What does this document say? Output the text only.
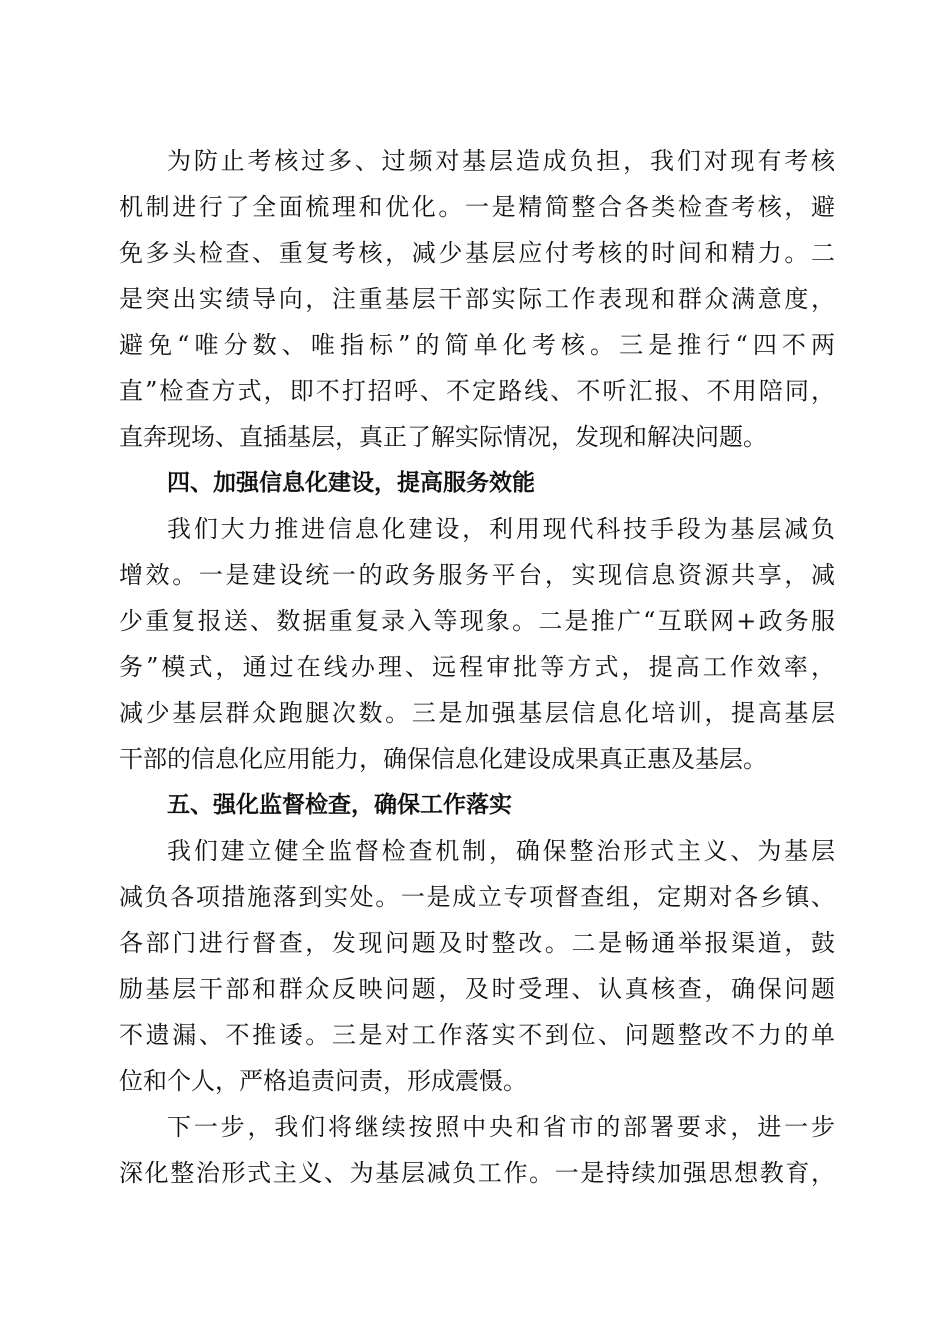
为防止考核过多、过频对基层造成负担，我们对现有考核
机制进行了全面梳理和优化。一是精简整合各类检查考核，避
免多头检查、重复考核，减少基层应付考核的时间和精力。二
是突出实绩导向，注重基层干部实际工作表现和群众满意度，
避免“唯分数、唯指标”的简单化考核。三是推行“四不两
直”检查方式，即不打招呼、不定路线、不听汇报、不用陪同，
直奔现场、直插基层，真正了解实际情况，发现和解决问题。
四、加强信息化建设，提高服务效能
我们大力推进信息化建设，利用现代科技手段为基层减负
增效。一是建设统一的政务服务平台，实现信息资源共享，减
少重复报送、数据重复录入等现象。二是推广“互联网+政务服
务”模式，通过在线办理、远程审批等方式，提高工作效率，
减少基层群众跑腿次数。三是加强基层信息化培训，提高基层
干部的信息化应用能力，确保信息化建设成果真正惠及基层。
五、强化监督检查，确保工作落实
我们建立健全监督检查机制，确保整治形式主义、为基层
减负各项措施落到实处。一是成立专项督查组，定期对各乡镇、
各部门进行督查，发现问题及时整改。二是畅通举报渠道，鼓
励基层干部和群众反映问题，及时受理、认真核查，确保问题
不遗漏、不推诿。三是对工作落实不到位、问题整改不力的单
位和个人，严格追责问责，形成震慑。
下一步，我们将继续按照中央和省市的部署要求，进一步
深化整治形式主义、为基层减负工作。一是持续加强思想教育，
